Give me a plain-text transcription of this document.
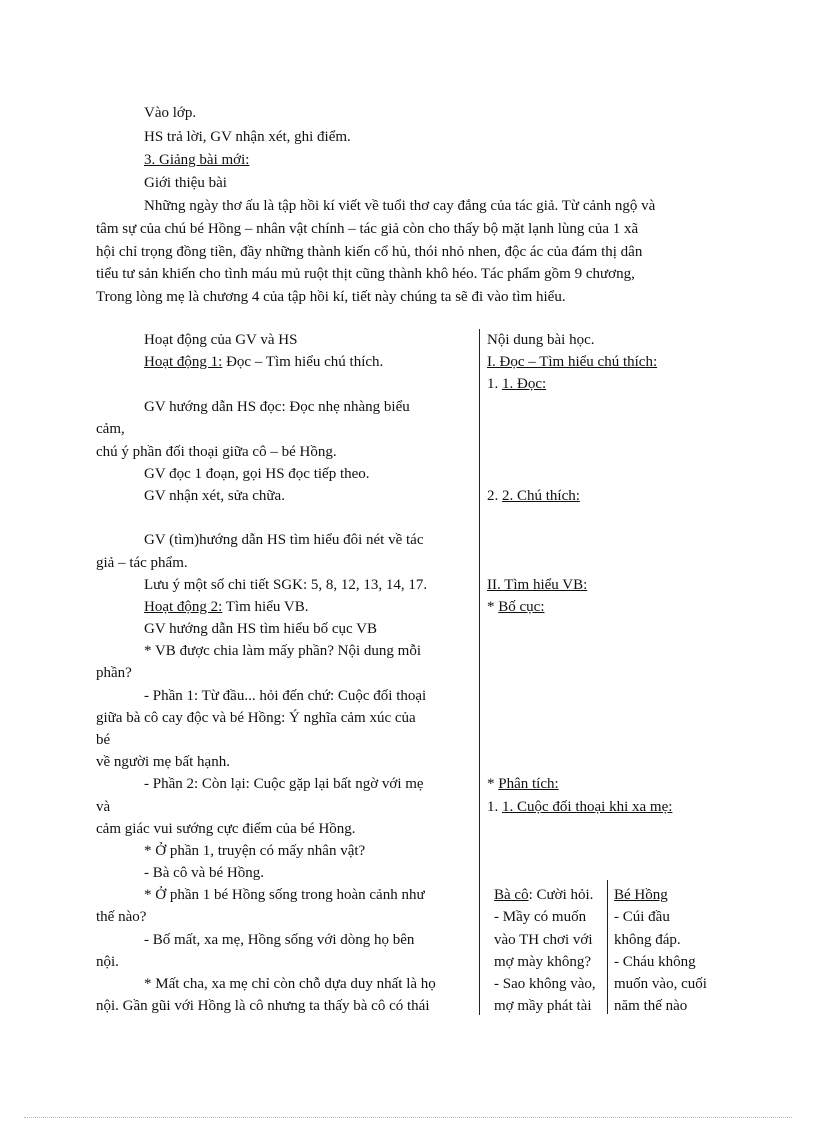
Vào lớp.
HS trả lời, GV nhận xét, ghi điểm.
3. Giảng bài mới:
Giới thiệu bài
Những ngày thơ ấu là tập hồi kí viết về tuổi thơ cay đắng của tác giả. Từ cảnh ngộ và
tâm sự của chú bé Hồng – nhân vật chính – tác giả còn cho thấy bộ mặt lạnh lùng của 1 xã
hội chỉ trọng đồng tiền, đầy những thành kiến cổ hủ, thói nhỏ nhen, độc ác của đám thị dân
tiểu tư sản khiến cho tình máu mủ ruột thịt cũng thành khô héo. Tác phẩm gồm 9 chương,
Trong lòng mẹ là chương 4 của tập hồi kí, tiết này chúng ta sẽ đi vào tìm hiểu.
Hoạt động của GV và HS
Hoạt động 1: Đọc – Tìm hiểu chú thích.
GV hướng dẫn HS đọc: Đọc nhẹ nhàng biểu
cảm,
chú ý phần đối thoại giữa cô – bé Hồng.
GV đọc 1 đoạn, gọi HS đọc tiếp theo.
GV nhận xét, sửa chữa.
GV (tìm)hướng dẫn HS tìm hiểu đôi nét về tác
giả – tác phẩm.
Lưu ý một số chi tiết SGK: 5, 8, 12, 13, 14, 17.
Hoạt động 2: Tìm hiểu VB.
GV hướng dẫn HS tìm hiểu bố cục VB
* VB được chia làm mấy phần? Nội dung mỗi
phần?
- Phần 1: Từ đầu... hỏi đến chứ: Cuộc đối thoại
giữa bà cô cay độc và bé Hồng: Ý nghĩa cảm xúc của
bé
về người mẹ bất hạnh.
- Phần 2: Còn lại: Cuộc gặp lại bất ngờ với mẹ
và
cảm giác vui sướng cực điểm của bé Hồng.
* Ở phần 1, truyện có mấy nhân vật?
- Bà cô và bé Hồng.
* Ở phần 1 bé Hồng sống trong hoàn cảnh như
thế nào?
- Bố mất, xa mẹ, Hồng sống với dòng họ bên
nội.
* Mất cha, xa mẹ chỉ còn chỗ dựa duy nhất là họ
nội. Gần gũi với Hồng là cô nhưng ta thấy bà cô có thái
Nội dung bài học.
I. Đọc – Tìm hiểu chú thích:
1. 1. Đọc:
2. 2. Chú thích:
II. Tìm hiểu VB:
* Bố cục:
* Phân tích:
1. 1. Cuộc đối thoại khi xa mẹ:
Bà cô: Cười hỏi.
- Mầy có muốn
vào TH chơi với
mợ mày không?
- Sao không vào,
mợ mầy phát tài
Bé Hồng
- Cúi đầu
không đáp.
- Cháu không
muốn vào, cuối
năm thế nào
